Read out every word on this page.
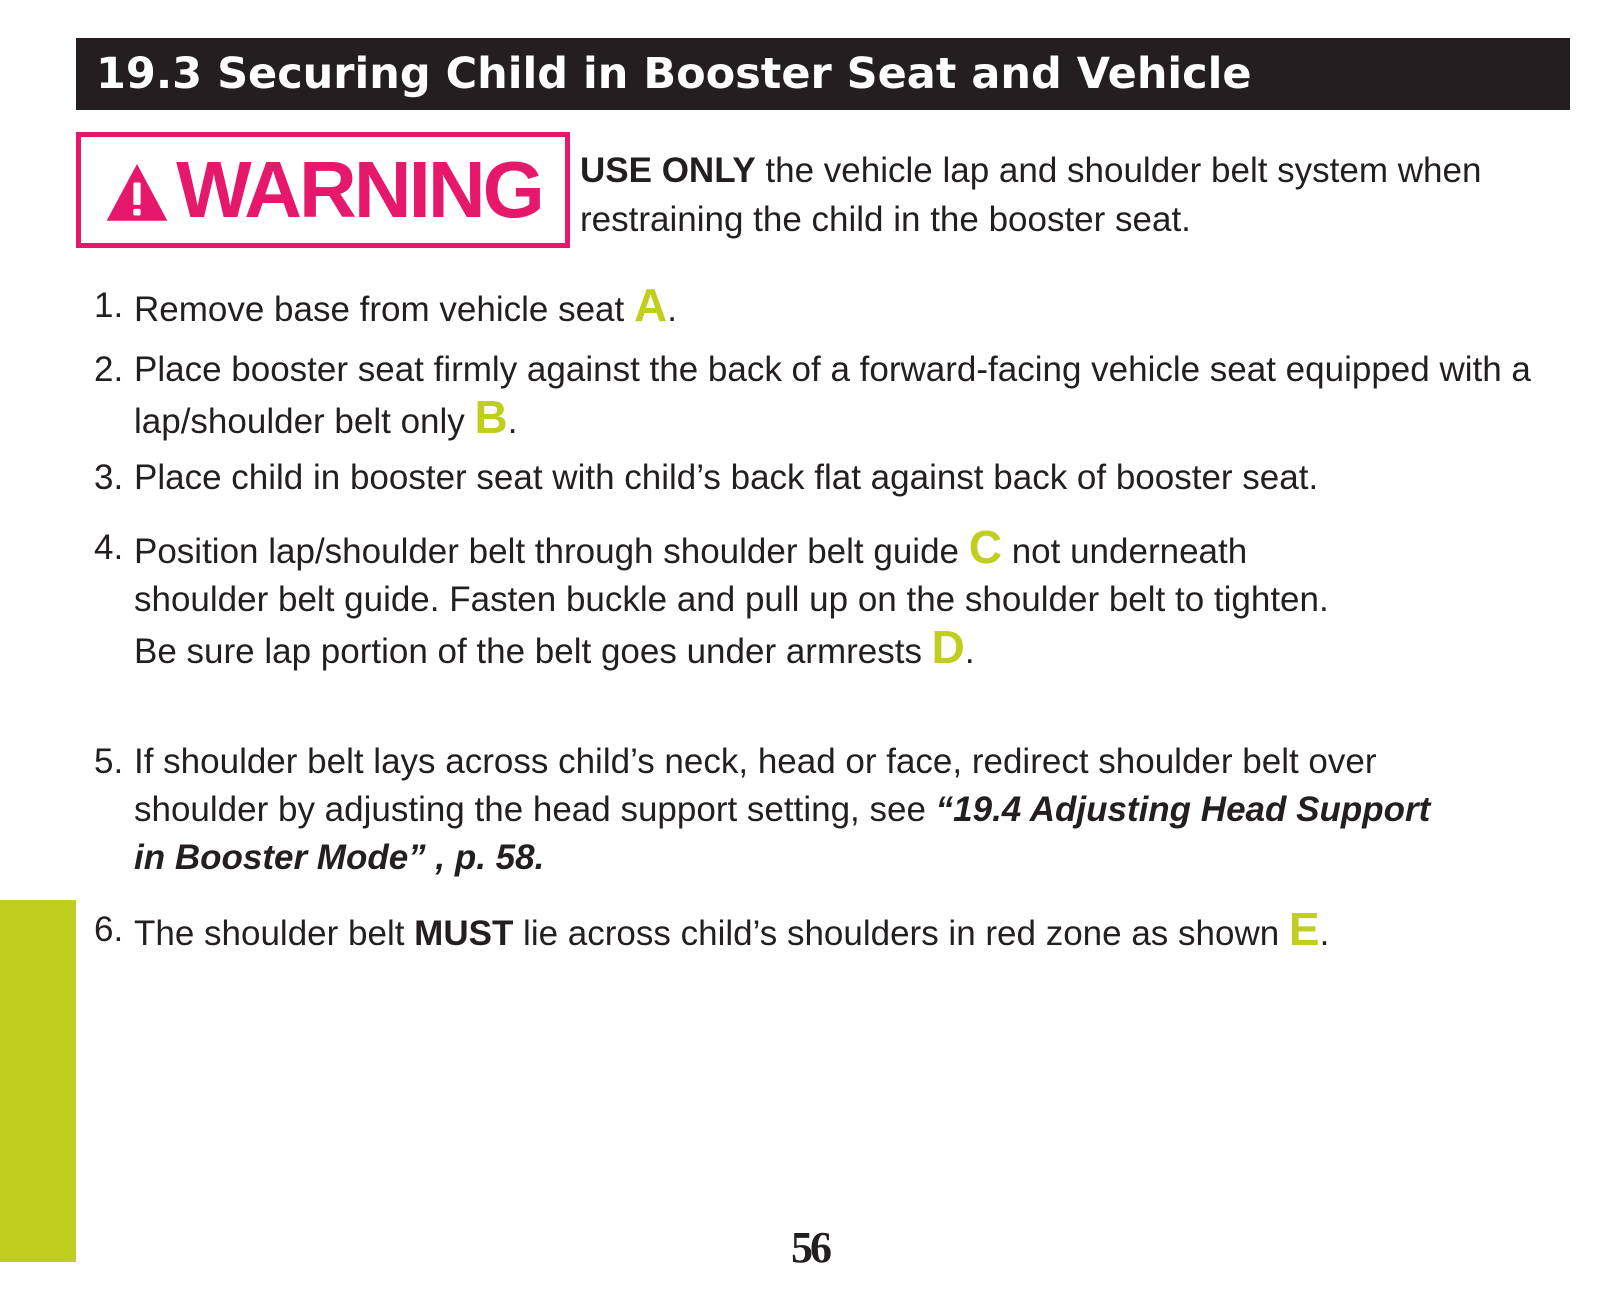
19.3 Securing Child in Booster Seat and Vehicle
WARNING USE ONLY the vehicle lap and shoulder belt system when restraining the child in the booster seat.
1. Remove base from vehicle seat A.
2. Place booster seat firmly against the back of a forward-facing vehicle seat equipped with a lap/shoulder belt only B.
3. Place child in booster seat with child’s back flat against back of booster seat.
4. Position lap/shoulder belt through shoulder belt guide C not underneath shoulder belt guide. Fasten buckle and pull up on the shoulder belt to tighten. Be sure lap portion of the belt goes under armrests D.
5. If shoulder belt lays across child’s neck, head or face, redirect shoulder belt over shoulder by adjusting the head support setting, see “19.4 Adjusting Head Support in Booster Mode” , p. 58.
6. The shoulder belt MUST lie across child’s shoulders in red zone as shown E.
56
